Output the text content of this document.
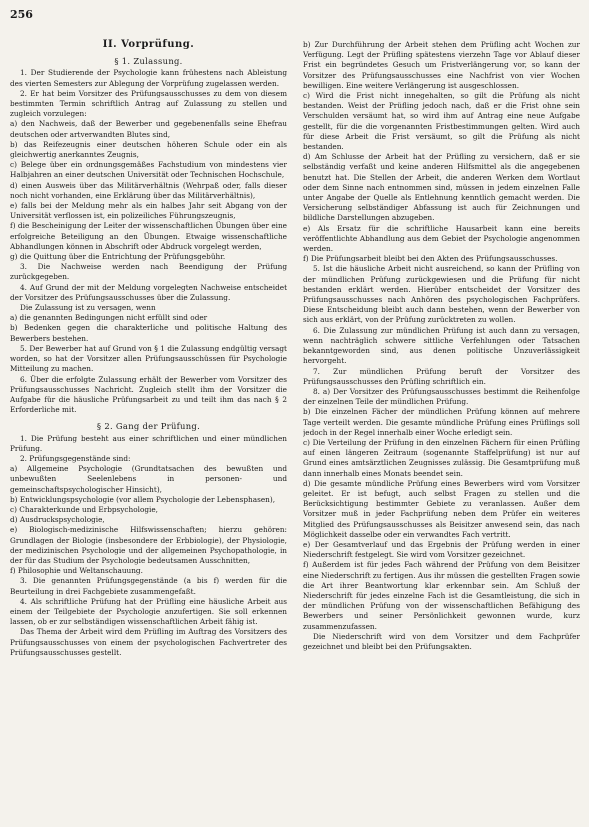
256
II. Vorprüfung.
§ 1. Zulassung.

1. Der Studierende der Psychologie kann frühestens nach Ableistung des vierten Semesters zur Ablegung der Vorprüfung zugelassen werden.

2. Er hat beim Vorsitzer des Prüfungsausschusses zu dem von diesem bestimmten Termin schriftlich Antrag auf Zulassung zu stellen und zugleich vorzulegen:

a) den Nachweis, daß der Bewerber und gegebenenfalls seine Ehefrau deutschen oder artverwandten Blutes sind,

b) das Reifezeugnis einer deutschen höheren Schule oder ein als gleichwertig anerkanntes Zeugnis,

c) Belege über ein ordnungsgemäßes Fachstudium von mindestens vier Halbjahren an einer deutschen Universität oder Technischen Hochschule,

d) einen Ausweis über das Militärverhältnis (Wehrpaß oder, falls dieser noch nicht vorhanden, eine Erklärung über das Militärverhältnis),

e) falls bei der Meldung mehr als ein halbes Jahr seit Abgang von der Universität verflossen ist, ein polizeiliches Führungszeugnis,

f) die Bescheinigung der Leiter der wissenschaftlichen Übungen über eine erfolgreiche Beteiligung an den Übungen. Etwaige wissenschaftliche Abhandlungen können in Abschrift oder Abdruck vorgelegt werden,

g) die Quittung über die Entrichtung der Prüfungsgebühr.

3. Die Nachweise werden nach Beendigung der Prüfung zurückgegeben.

4. Auf Grund der mit der Meldung vorgelegten Nachweise entscheidet der Vorsitzer des Prüfungsausschusses über die Zulassung.

Die Zulassung ist zu versagen, wenn

a) die genannten Bedingungen nicht erfüllt sind oder

b) Bedenken gegen die charakterliche und politische Haltung des Bewerbers bestehen.

5. Der Bewerber hat auf Grund von § 1 die Zulassung endgültig versagt worden, so hat der Vorsitzer allen Prüfungsausschüssen für Psychologie Mitteilung zu machen.

6. Über die erfolgte Zulassung erhält der Bewerber vom Vorsitzer des Prüfungsausschusses Nachricht. Zugleich stellt ihm der Vorsitzer die Aufgabe für die häusliche Prüfungsarbeit zu und teilt ihm das nach § 2 Erforderliche mit.

§ 2. Gang der Prüfung.

1. Die Prüfung besteht aus einer schriftlichen und einer mündlichen Prüfung.

2. Prüfungsgegenstände sind:

a) Allgemeine Psychologie (Grundtatsachen des bewußten und unbewußten Seelenlebens in personen- und gemeinschaftspsychologischer Hinsicht),

b) Entwicklungspsychologie (vor allem Psychologie der Lebensphasen),

c) Charakterkunde und Erbpsychologie,

d) Ausdruckspsychologie,

e) Biologisch-medizinische Hilfswissenschaften; hierzu gehören: Grundlagen der Biologie (insbesondere der Erbbiologie), der Physiologie, der medizinischen Psychologie und der allgemeinen Psychopathologie, in der für das Studium der Psychologie bedeutsamen Ausschnitten,

f) Philosophie und Weltanschauung.

3. Die genannten Prüfungsgegenstände (a bis f) werden für die Beurteilung in drei Fachgebiete zusammengefaßt.

4. Als schriftliche Prüfung hat der Prüfling eine häusliche Arbeit aus einem der Teilgebiete der Psychologie anzufertigen. Sie soll erkennen lassen, ob er zur selbständigen wissenschaftlichen Arbeit fähig ist.

Das Thema der Arbeit wird dem Prüfling im Auftrag des Vorsitzers des Prüfungsausschusses von einem der psychologischen Fachvertreter des Prüfungsausschusses gestellt.

b) Zur Durchführung der Arbeit stehen dem Prüfling acht Wochen zur Verfügung. Legt der Prüfling spätestens vierzehn Tage vor Ablauf dieser Frist ein begründetes Gesuch um Fristverlängerung vor, so kann der Vorsitzer des Prüfungsausschusses eine Nachfrist von vier Wochen bewilligen. Eine weitere Verlängerung ist ausgeschlossen.

c) Wird die Frist nicht innegehalten, so gilt die Prüfung als nicht bestanden. Weist der Prüfling jedoch nach, daß er die Frist ohne sein Verschulden versäumt hat, so wird ihm auf Antrag eine neue Aufgabe gestellt, für die die vorgenannten Fristbestimmungen gelten. Wird auch für diese Arbeit die Frist versäumt, so gilt die Prüfung als nicht bestanden.

d) Am Schlusse der Arbeit hat der Prüfling zu versichern, daß er sie selbständig verfaßt und keine anderen Hilfsmittel als die angegebenen benutzt hat. Die Stellen der Arbeit, die anderen Werken dem Wortlaut oder dem Sinne nach entnommen sind, müssen in jedem einzelnen Falle unter Angabe der Quelle als Entlehnung kenntlich gemacht werden. Die Versicherung selbständiger Abfassung ist auch für Zeichnungen und bildliche Darstellungen abzugeben.

e) Als Ersatz für die schriftliche Hausarbeit kann eine bereits veröffentlichte Abhandlung aus dem Gebiet der Psychologie angenommen werden.

f) Die Prüfungsarbeit bleibt bei den Akten des Prüfungsausschusses.

5. Ist die häusliche Arbeit nicht ausreichend, so kann der Prüfling von der mündlichen Prüfung zurückgewiesen und die Prüfung für nicht bestanden erklärt werden. Hierüber entscheidet der Vorsitzer des Prüfungsausschusses nach Anhören des psychologischen Fachprüfers. Diese Entscheidung bleibt auch dann bestehen, wenn der Bewerber von sich aus erklärt, von der Prüfung zurücktreten zu wollen.

6. Die Zulassung zur mündlichen Prüfung ist auch dann zu versagen, wenn nachträglich schwere sittliche Verfehlungen oder Tatsachen bekanntgeworden sind, aus denen politische Unzuverlässigkeit hervorgeht.

7. Zur mündlichen Prüfung beruft der Vorsitzer des Prüfungsausschusses den Prüfling schriftlich ein.

8. a) Der Vorsitzer des Prüfungsausschusses bestimmt die Reihenfolge der einzelnen Teile der mündlichen Prüfung.

b) Die einzelnen Fächer der mündlichen Prüfung können auf mehrere Tage verteilt werden. Die gesamte mündliche Prüfung eines Prüflings soll jedoch in der Regel innerhalb einer Woche erledigt sein.

c) Die Verteilung der Prüfung in den einzelnen Fächern für einen Prüfling auf einen längeren Zeitraum (sogenannte Staffelprüfung) ist nur auf Grund eines amtsärztlichen Zeugnisses zulässig. Die Gesamtprüfung muß dann innerhalb eines Monats beendet sein.

d) Die gesamte mündliche Prüfung eines Bewerbers wird vom Vorsitzer geleitet. Er ist befugt, auch selbst Fragen zu stellen und die Berücksichtigung bestimmter Gebiete zu veranlassen. Außer dem Vorsitzer muß in jeder Fachprüfung neben dem Prüfer ein weiteres Mitglied des Prüfungsausschusses als Beisitzer anwesend sein, das nach Möglichkeit dasselbe oder ein verwandtes Fach vertritt.

e) Der Gesamtverlauf und das Ergebnis der Prüfung werden in einer Niederschrift festgelegt. Sie wird vom Vorsitzer gezeichnet.

f) Außerdem ist für jedes Fach während der Prüfung von dem Beisitzer eine Niederschrift zu fertigen. Aus ihr müssen die gestellten Fragen sowie die Art ihrer Beantwortung klar erkennbar sein. Am Schluß der Niederschrift für jedes einzelne Fach ist die Gesamtleistung, die sich in der mündlichen Prüfung von der wissenschaftlichen Befähigung des Bewerbers und seiner Persönlichkeit gewonnen wurde, kurz zusammenzufassen.

Die Niederschrift wird von dem Vorsitzer und dem Fachprüfer gezeichnet und bleibt bei den Prüfungsakten.
